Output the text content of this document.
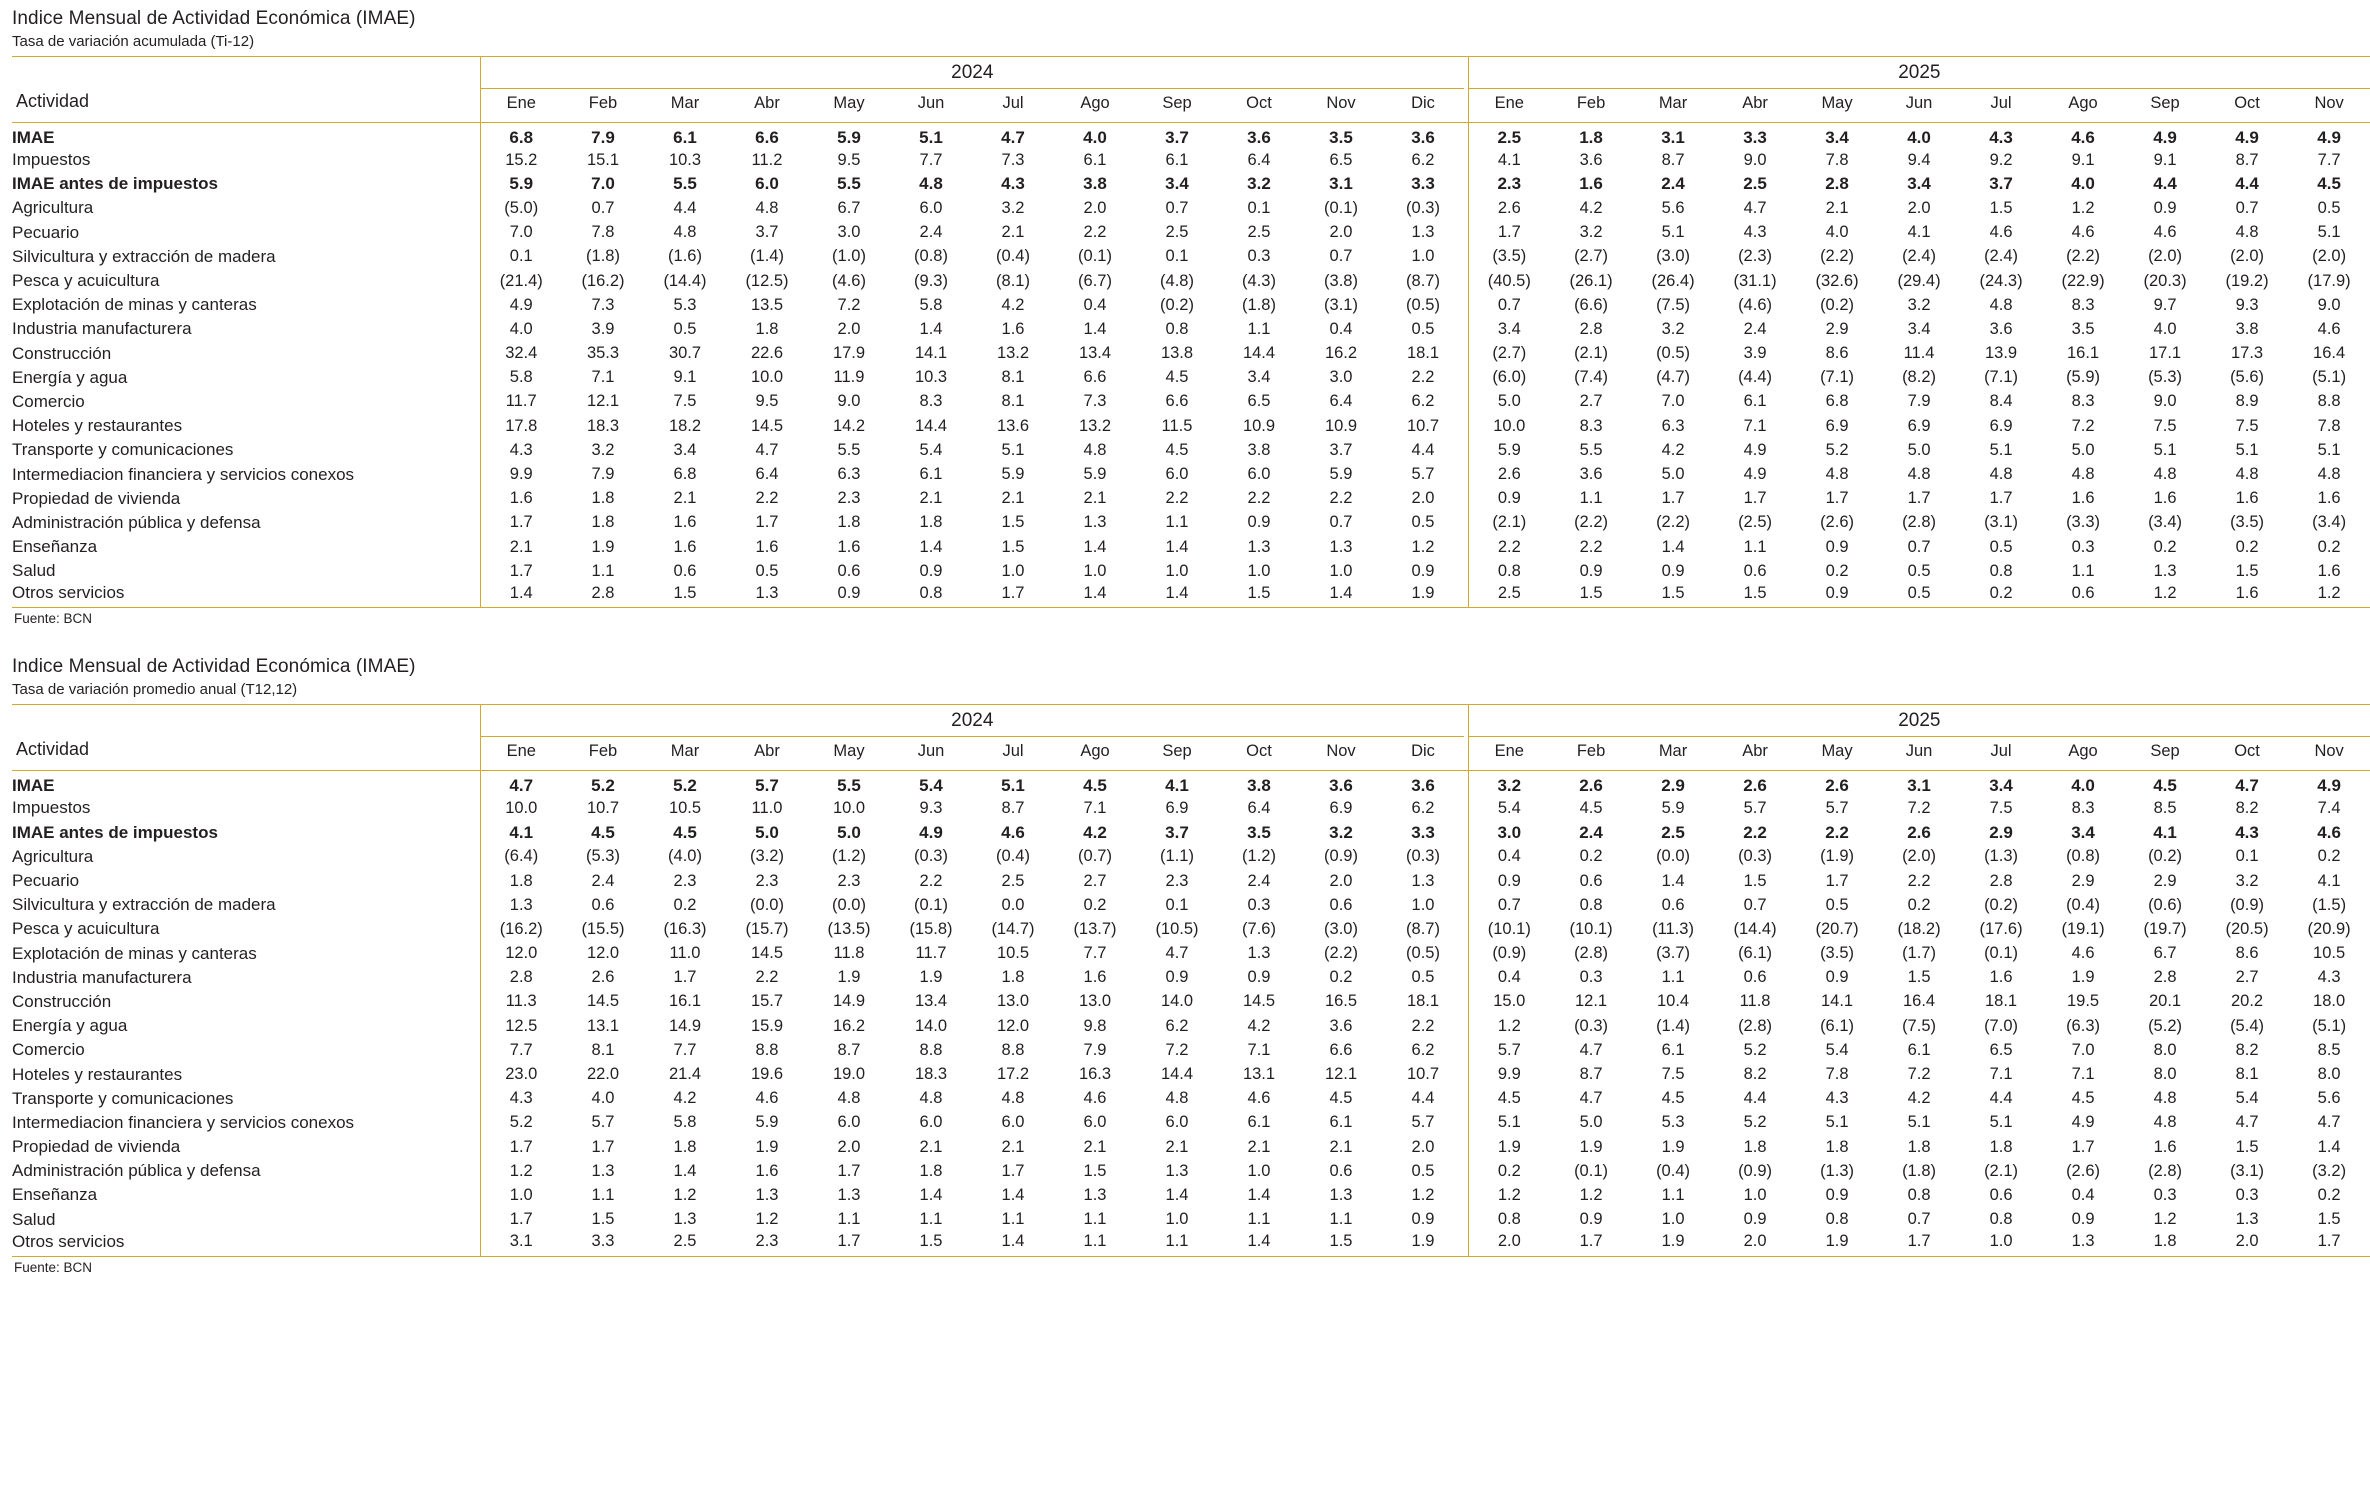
Indice Mensual de Actividad Económica (IMAE)
Tasa de variación acumulada (Ti-12)
	2024													2025										
Actividad	Ene	Feb	Mar	Abr	May	Jun	Jul	Ago	Sep	Oct	Nov	Dic		Ene	Feb	Mar	Abr	May	Jun	Jul	Ago	Sep	Oct	Nov
IMAE	6.8	7.9	6.1	6.6	5.9	5.1	4.7	4.0	3.7	3.6	3.5	3.6		2.5	1.8	3.1	3.3	3.4	4.0	4.3	4.6	4.9	4.9	4.9
Impuestos	15.2	15.1	10.3	11.2	9.5	7.7	7.3	6.1	6.1	6.4	6.5	6.2		4.1	3.6	8.7	9.0	7.8	9.4	9.2	9.1	9.1	8.7	7.7
IMAE antes de impuestos	5.9	7.0	5.5	6.0	5.5	4.8	4.3	3.8	3.4	3.2	3.1	3.3		2.3	1.6	2.4	2.5	2.8	3.4	3.7	4.0	4.4	4.4	4.5
Agricultura	(5.0)	0.7	4.4	4.8	6.7	6.0	3.2	2.0	0.7	0.1	(0.1)	(0.3)		2.6	4.2	5.6	4.7	2.1	2.0	1.5	1.2	0.9	0.7	0.5
Pecuario	7.0	7.8	4.8	3.7	3.0	2.4	2.1	2.2	2.5	2.5	2.0	1.3		1.7	3.2	5.1	4.3	4.0	4.1	4.6	4.6	4.6	4.8	5.1
Silvicultura y extracción de madera	0.1	(1.8)	(1.6)	(1.4)	(1.0)	(0.8)	(0.4)	(0.1)	0.1	0.3	0.7	1.0		(3.5)	(2.7)	(3.0)	(2.3)	(2.2)	(2.4)	(2.4)	(2.2)	(2.0)	(2.0)	(2.0)
Pesca y acuicultura	(21.4)	(16.2)	(14.4)	(12.5)	(4.6)	(9.3)	(8.1)	(6.7)	(4.8)	(4.3)	(3.8)	(8.7)		(40.5)	(26.1)	(26.4)	(31.1)	(32.6)	(29.4)	(24.3)	(22.9)	(20.3)	(19.2)	(17.9)
Explotación de minas y canteras	4.9	7.3	5.3	13.5	7.2	5.8	4.2	0.4	(0.2)	(1.8)	(3.1)	(0.5)		0.7	(6.6)	(7.5)	(4.6)	(0.2)	3.2	4.8	8.3	9.7	9.3	9.0
Industria manufacturera	4.0	3.9	0.5	1.8	2.0	1.4	1.6	1.4	0.8	1.1	0.4	0.5		3.4	2.8	3.2	2.4	2.9	3.4	3.6	3.5	4.0	3.8	4.6
Construcción	32.4	35.3	30.7	22.6	17.9	14.1	13.2	13.4	13.8	14.4	16.2	18.1		(2.7)	(2.1)	(0.5)	3.9	8.6	11.4	13.9	16.1	17.1	17.3	16.4
Energía y agua	5.8	7.1	9.1	10.0	11.9	10.3	8.1	6.6	4.5	3.4	3.0	2.2		(6.0)	(7.4)	(4.7)	(4.4)	(7.1)	(8.2)	(7.1)	(5.9)	(5.3)	(5.6)	(5.1)
Comercio	11.7	12.1	7.5	9.5	9.0	8.3	8.1	7.3	6.6	6.5	6.4	6.2		5.0	2.7	7.0	6.1	6.8	7.9	8.4	8.3	9.0	8.9	8.8
Hoteles y restaurantes	17.8	18.3	18.2	14.5	14.2	14.4	13.6	13.2	11.5	10.9	10.9	10.7		10.0	8.3	6.3	7.1	6.9	6.9	6.9	7.2	7.5	7.5	7.8
Transporte y comunicaciones	4.3	3.2	3.4	4.7	5.5	5.4	5.1	4.8	4.5	3.8	3.7	4.4		5.9	5.5	4.2	4.9	5.2	5.0	5.1	5.0	5.1	5.1	5.1
Intermediacion financiera y servicios conexos	9.9	7.9	6.8	6.4	6.3	6.1	5.9	5.9	6.0	6.0	5.9	5.7		2.6	3.6	5.0	4.9	4.8	4.8	4.8	4.8	4.8	4.8	4.8
Propiedad de vivienda	1.6	1.8	2.1	2.2	2.3	2.1	2.1	2.1	2.2	2.2	2.2	2.0		0.9	1.1	1.7	1.7	1.7	1.7	1.7	1.6	1.6	1.6	1.6
Administración pública y defensa	1.7	1.8	1.6	1.7	1.8	1.8	1.5	1.3	1.1	0.9	0.7	0.5		(2.1)	(2.2)	(2.2)	(2.5)	(2.6)	(2.8)	(3.1)	(3.3)	(3.4)	(3.5)	(3.4)
Enseñanza	2.1	1.9	1.6	1.6	1.6	1.4	1.5	1.4	1.4	1.3	1.3	1.2		2.2	2.2	1.4	1.1	0.9	0.7	0.5	0.3	0.2	0.2	0.2
Salud	1.7	1.1	0.6	0.5	0.6	0.9	1.0	1.0	1.0	1.0	1.0	0.9		0.8	0.9	0.9	0.6	0.2	0.5	0.8	1.1	1.3	1.5	1.6
Otros servicios	1.4	2.8	1.5	1.3	0.9	0.8	1.7	1.4	1.4	1.5	1.4	1.9		2.5	1.5	1.5	1.5	0.9	0.5	0.2	0.6	1.2	1.6	1.2
Fuente: BCN
Indice Mensual de Actividad Económica (IMAE)
Tasa de variación promedio anual (T12,12)
	2024													2025										
Actividad	Ene	Feb	Mar	Abr	May	Jun	Jul	Ago	Sep	Oct	Nov	Dic		Ene	Feb	Mar	Abr	May	Jun	Jul	Ago	Sep	Oct	Nov
IMAE	4.7	5.2	5.2	5.7	5.5	5.4	5.1	4.5	4.1	3.8	3.6	3.6		3.2	2.6	2.9	2.6	2.6	3.1	3.4	4.0	4.5	4.7	4.9
Impuestos	10.0	10.7	10.5	11.0	10.0	9.3	8.7	7.1	6.9	6.4	6.9	6.2		5.4	4.5	5.9	5.7	5.7	7.2	7.5	8.3	8.5	8.2	7.4
IMAE antes de impuestos	4.1	4.5	4.5	5.0	5.0	4.9	4.6	4.2	3.7	3.5	3.2	3.3		3.0	2.4	2.5	2.2	2.2	2.6	2.9	3.4	4.1	4.3	4.6
Agricultura	(6.4)	(5.3)	(4.0)	(3.2)	(1.2)	(0.3)	(0.4)	(0.7)	(1.1)	(1.2)	(0.9)	(0.3)		0.4	0.2	(0.0)	(0.3)	(1.9)	(2.0)	(1.3)	(0.8)	(0.2)	0.1	0.2
Pecuario	1.8	2.4	2.3	2.3	2.3	2.2	2.5	2.7	2.3	2.4	2.0	1.3		0.9	0.6	1.4	1.5	1.7	2.2	2.8	2.9	2.9	3.2	4.1
Silvicultura y extracción de madera	1.3	0.6	0.2	(0.0)	(0.0)	(0.1)	0.0	0.2	0.1	0.3	0.6	1.0		0.7	0.8	0.6	0.7	0.5	0.2	(0.2)	(0.4)	(0.6)	(0.9)	(1.5)
Pesca y acuicultura	(16.2)	(15.5)	(16.3)	(15.7)	(13.5)	(15.8)	(14.7)	(13.7)	(10.5)	(7.6)	(3.0)	(8.7)		(10.1)	(10.1)	(11.3)	(14.4)	(20.7)	(18.2)	(17.6)	(19.1)	(19.7)	(20.5)	(20.9)
Explotación de minas y canteras	12.0	12.0	11.0	14.5	11.8	11.7	10.5	7.7	4.7	1.3	(2.2)	(0.5)		(0.9)	(2.8)	(3.7)	(6.1)	(3.5)	(1.7)	(0.1)	4.6	6.7	8.6	10.5
Industria manufacturera	2.8	2.6	1.7	2.2	1.9	1.9	1.8	1.6	0.9	0.9	0.2	0.5		0.4	0.3	1.1	0.6	0.9	1.5	1.6	1.9	2.8	2.7	4.3
Construcción	11.3	14.5	16.1	15.7	14.9	13.4	13.0	13.0	14.0	14.5	16.5	18.1		15.0	12.1	10.4	11.8	14.1	16.4	18.1	19.5	20.1	20.2	18.0
Energía y agua	12.5	13.1	14.9	15.9	16.2	14.0	12.0	9.8	6.2	4.2	3.6	2.2		1.2	(0.3)	(1.4)	(2.8)	(6.1)	(7.5)	(7.0)	(6.3)	(5.2)	(5.4)	(5.1)
Comercio	7.7	8.1	7.7	8.8	8.7	8.8	8.8	7.9	7.2	7.1	6.6	6.2		5.7	4.7	6.1	5.2	5.4	6.1	6.5	7.0	8.0	8.2	8.5
Hoteles y restaurantes	23.0	22.0	21.4	19.6	19.0	18.3	17.2	16.3	14.4	13.1	12.1	10.7		9.9	8.7	7.5	8.2	7.8	7.2	7.1	7.1	8.0	8.1	8.0
Transporte y comunicaciones	4.3	4.0	4.2	4.6	4.8	4.8	4.8	4.6	4.8	4.6	4.5	4.4		4.5	4.7	4.5	4.4	4.3	4.2	4.4	4.5	4.8	5.4	5.6
Intermediacion financiera y servicios conexos	5.2	5.7	5.8	5.9	6.0	6.0	6.0	6.0	6.0	6.1	6.1	5.7		5.1	5.0	5.3	5.2	5.1	5.1	5.1	4.9	4.8	4.7	4.7
Propiedad de vivienda	1.7	1.7	1.8	1.9	2.0	2.1	2.1	2.1	2.1	2.1	2.1	2.0		1.9	1.9	1.9	1.8	1.8	1.8	1.8	1.7	1.6	1.5	1.4
Administración pública y defensa	1.2	1.3	1.4	1.6	1.7	1.8	1.7	1.5	1.3	1.0	0.6	0.5		0.2	(0.1)	(0.4)	(0.9)	(1.3)	(1.8)	(2.1)	(2.6)	(2.8)	(3.1)	(3.2)
Enseñanza	1.0	1.1	1.2	1.3	1.3	1.4	1.4	1.3	1.4	1.4	1.3	1.2		1.2	1.2	1.1	1.0	0.9	0.8	0.6	0.4	0.3	0.3	0.2
Salud	1.7	1.5	1.3	1.2	1.1	1.1	1.1	1.1	1.0	1.1	1.1	0.9		0.8	0.9	1.0	0.9	0.8	0.7	0.8	0.9	1.2	1.3	1.5
Otros servicios	3.1	3.3	2.5	2.3	1.7	1.5	1.4	1.1	1.1	1.4	1.5	1.9		2.0	1.7	1.9	2.0	1.9	1.7	1.0	1.3	1.8	2.0	1.7
Fuente: BCN
